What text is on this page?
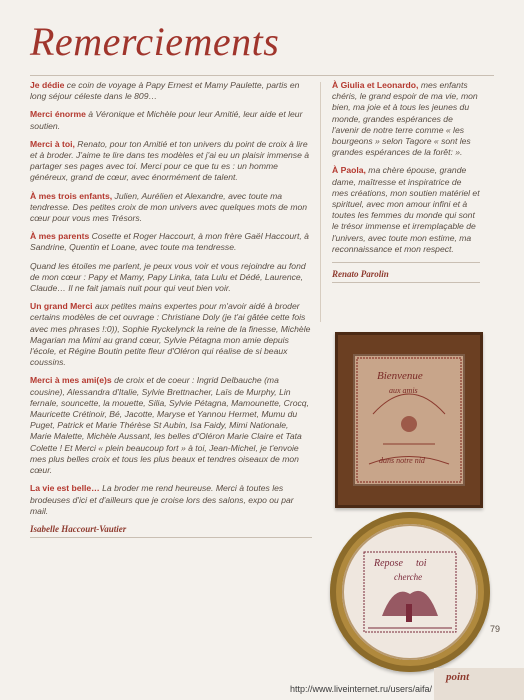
Remerciements

Je dédie ce coin de voyage à Papy Ernest et Mamy Paulette, partis en long séjour céleste dans le 809…

Merci énorme à Véronique et Michèle pour leur Amitié, leur aide et leur soutien.

Merci à toi, Renato, pour ton Amitié et ton univers du point de croix à lire et à broder. J'aime te lire dans tes modèles et j'ai eu un plaisir immense à partager ses pages avec toi. Merci pour ce que tu es : un homme généreux, grand de cœur, avec énormément de talent.

À mes trois enfants, Julien, Aurélien et Alexandre, avec toute ma tendresse. Des petites croix de mon univers avec quelques mots de mon cœur pour vous mes Trésors.

À mes parents Cosette et Roger Haccourt, à mon frère Gaël Haccourt, à Sandrine, Quentin et Loane, avec toute ma tendresse.

Quand les étoiles me parlent, je peux vous voir et vous rejoindre au fond de mon cœur : Papy et Mamy, Papy Linka, tata Lulu et Dédé, Laurence, Claude… Il ne fait jamais nuit pour qui veut bien voir.

Un grand Merci aux petites mains expertes pour m'avoir aidé à broder certains modèles de cet ouvrage : Christiane Doly (je t'ai gâtée cette fois avec mes phrases !:0)), Sophie Ryckelynck la reine de la finesse, Michèle Magarian ma Mimi au grand cœur, Sylvie Pétagna mon amie depuis l'école, et Régine Boutin petite fleur d'Oléron qui réalise de si beaux coussins.

Merci à mes ami(e)s de croix et de coeur : Ingrid Delbauche (ma cousine), Alessandra d'Italie, Sylvie Brettnacher, Laïs de Murphy, Lin fernale, souncette, la mouette, Silia, Sylvie Pétagna, Mamounette, Crocq, Mauricette Crétinoir, Bé, Jacotte, Maryse et Yannou Hermet, Mumu du Puget, Patrick et Marie Thérèse St Aubin, Isa Faidy, Mimi Nationale, Marie Malette, Michèle Aussant, les belles d'Oléron Marie Claire et Tata Colette ! Et Merci « plein beaucoup fort » à toi, Jean-Michel, je t'envoie mes plus belles croix et tous les plus beaux et tendres oiseaux de mon cœur.

La vie est belle… La broder me rend heureuse. Merci à toutes les brodeuses d'ici et d'ailleurs que je croise lors des salons, expo ou par mail.

Isabelle Haccourt-Vautier

À Giulia et Leonardo, mes enfants chéris, le grand espoir de ma vie, mon bien, ma joie et à tous les jeunes du monde, grandes espérances de l'avenir de notre terre comme « les bourgeons » selon Tagore « sont les grandes espérances de la forêt: ».

À Paola, ma chère épouse, grande dame, maîtresse et inspiratrice de mes créations, mon soutien matériel et spirituel, avec mon amour infini et à toutes les femmes du monde qui sont le trésor immense et irremplaçable de l'univers, avec toute mon estime, ma reconnaissance et mon respect.

Renato Parolin
Bienvenue
aux amis
dans notre nid
Repose toi
cherche
79
point
http://www.liveinternet.ru/users/aifa/
